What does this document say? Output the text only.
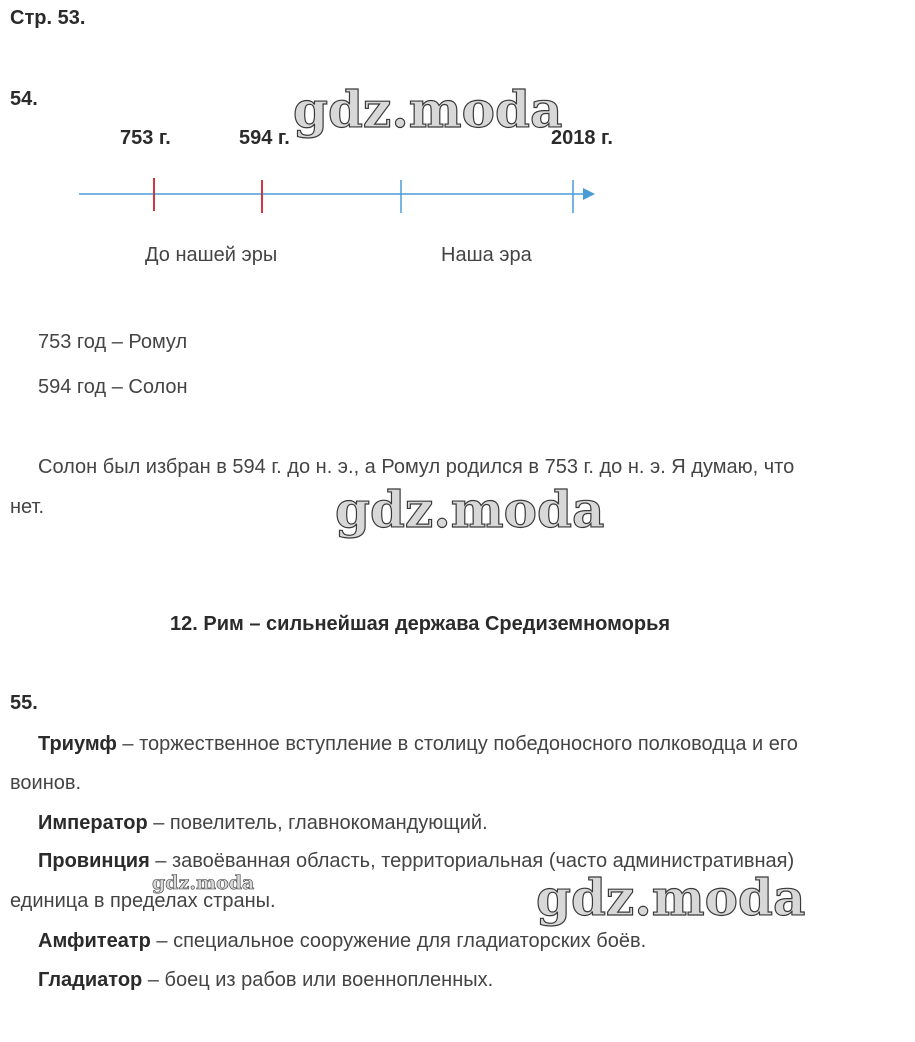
Стр. 53.
54.
753 г.	594 г.	2018 г.
До нашей эры	Наша эра
753 год – Ромул
594 год – Солон
Солон был избран в 594 г. до н. э., а Ромул родился в 753 г. до н. э. Я думаю, что
нет.
12. Рим – сильнейшая держава Средиземноморья
55.
Триумф – торжественное вступление в столицу победоносного полководца и его
воинов.
Император – повелитель, главнокомандующий.
Провинция – завоёванная область, территориальная (часто административная)
единица в пределах страны.
Амфитеатр – специальное сооружение для гладиаторских боёв.
Гладиатор – боец из рабов или военнопленных.
gdz.moda
gdz.moda
gdz.moda
gdz.moda
